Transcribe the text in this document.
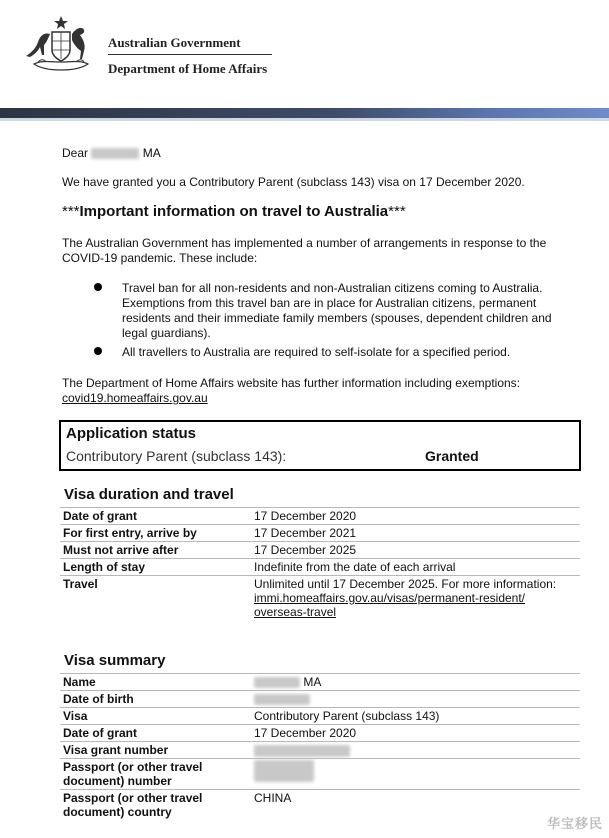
Australian Government
Department of Home Affairs
Dear	MA
We have granted you a Contributory Parent (subclass 143) visa on 17 December 2020.
***Important information on travel to Australia***
The Australian Government has implemented a number of arrangements in response to the
COVID-19 pandemic. These include:
Travel ban for all non-residents and non-Australian citizens coming to Australia.
Exemptions from this travel ban are in place for Australian citizens, permanent
residents and their immediate family members (spouses, dependent children and
legal guardians).
All travellers to Australia are required to self-isolate for a specified period.
The Department of Home Affairs website has further information including exemptions:
covid19.homeaffairs.gov.au
Application status
Contributory Parent (subclass 143):	Granted
Visa duration and travel
Date of grant	17 December 2020
For first entry, arrive by	17 December 2021
Must not arrive after	17 December 2025
Length of stay	Indefinite from the date of each arrival
Travel	Unlimited until 17 December 2025. For more information:
immi.homeaffairs.gov.au/visas/permanent-resident/
overseas-travel
Visa summary
Name	MA
Date of birth	
Visa	Contributory Parent (subclass 143)
Date of grant	17 December 2020
Visa grant number	

Passport (or other travel
document) number	

Passport (or other travel
document) country	CHINA
华宝移民
